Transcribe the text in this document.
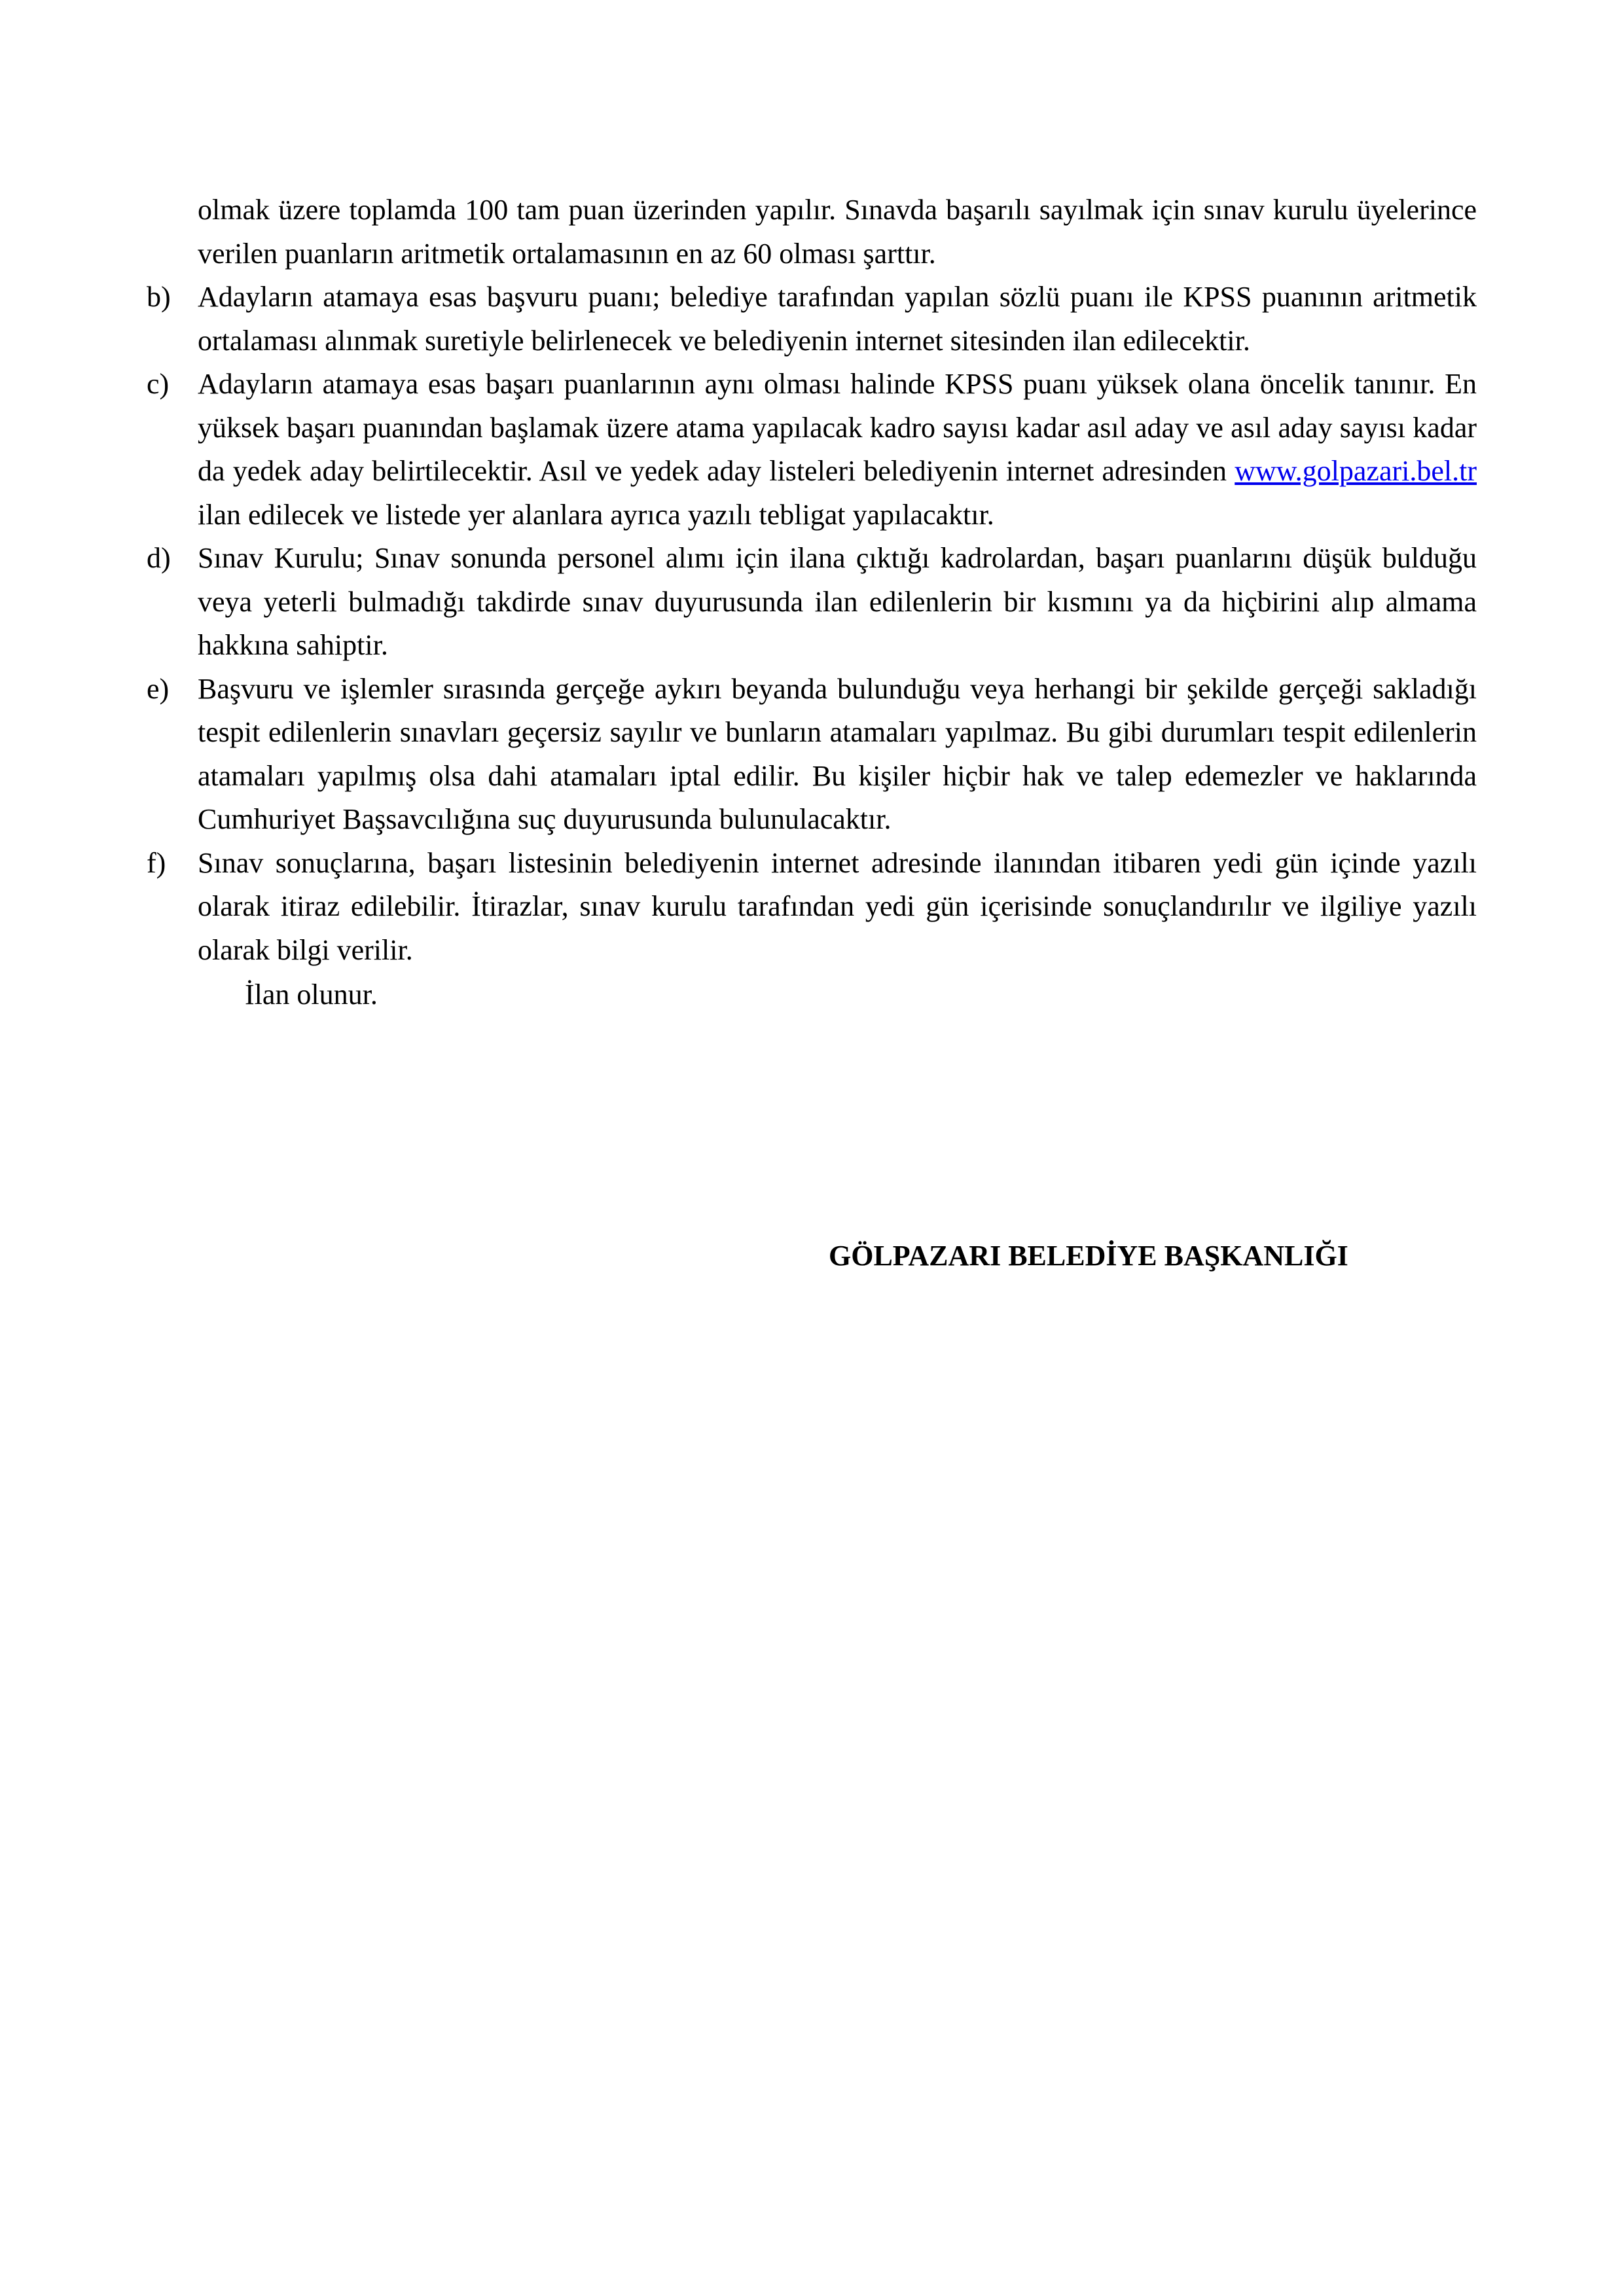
olmak üzere toplamda 100 tam puan üzerinden yapılır. Sınavda başarılı sayılmak için sınav kurulu üyelerince verilen puanların aritmetik ortalamasının en az 60 olması şarttır.

b) Adayların atamaya esas başvuru puanı; belediye tarafından yapılan sözlü puanı ile KPSS puanının aritmetik ortalaması alınmak suretiyle belirlenecek ve belediyenin internet sitesinden ilan edilecektir.
c) Adayların atamaya esas başarı puanlarının aynı olması halinde KPSS puanı yüksek olana öncelik tanınır. En yüksek başarı puanından başlamak üzere atama yapılacak kadro sayısı kadar asıl aday ve asıl aday sayısı kadar da yedek aday belirtilecektir. Asıl ve yedek aday listeleri belediyenin internet adresinden www.golpazari.bel.tr ilan edilecek ve listede yer alanlara ayrıca yazılı tebligat yapılacaktır.
d) Sınav Kurulu; Sınav sonunda personel alımı için ilana çıktığı kadrolardan, başarı puanlarını düşük bulduğu veya yeterli bulmadığı takdirde sınav duyurusunda ilan edilenlerin bir kısmını ya da hiçbirini alıp almama hakkına sahiptir.
e) Başvuru ve işlemler sırasında gerçeğe aykırı beyanda bulunduğu veya herhangi bir şekilde gerçeği sakladığı tespit edilenlerin sınavları geçersiz sayılır ve bunların atamaları yapılmaz. Bu gibi durumları tespit edilenlerin atamaları yapılmış olsa dahi atamaları iptal edilir. Bu kişiler hiçbir hak ve talep edemezler ve haklarında Cumhuriyet Başsavcılığına suç duyurusunda bulunulacaktır.
f)	Sınav sonuçlarına, başarı listesinin belediyenin internet adresinde ilanından itibaren yedi gün içinde yazılı olarak itiraz edilebilir. İtirazlar, sınav kurulu tarafından yedi gün içerisinde sonuçlandırılır ve ilgiliye yazılı olarak bilgi verilir.

İlan olunur.

GÖLPAZARI BELEDİYE BAŞKANLIĞI
